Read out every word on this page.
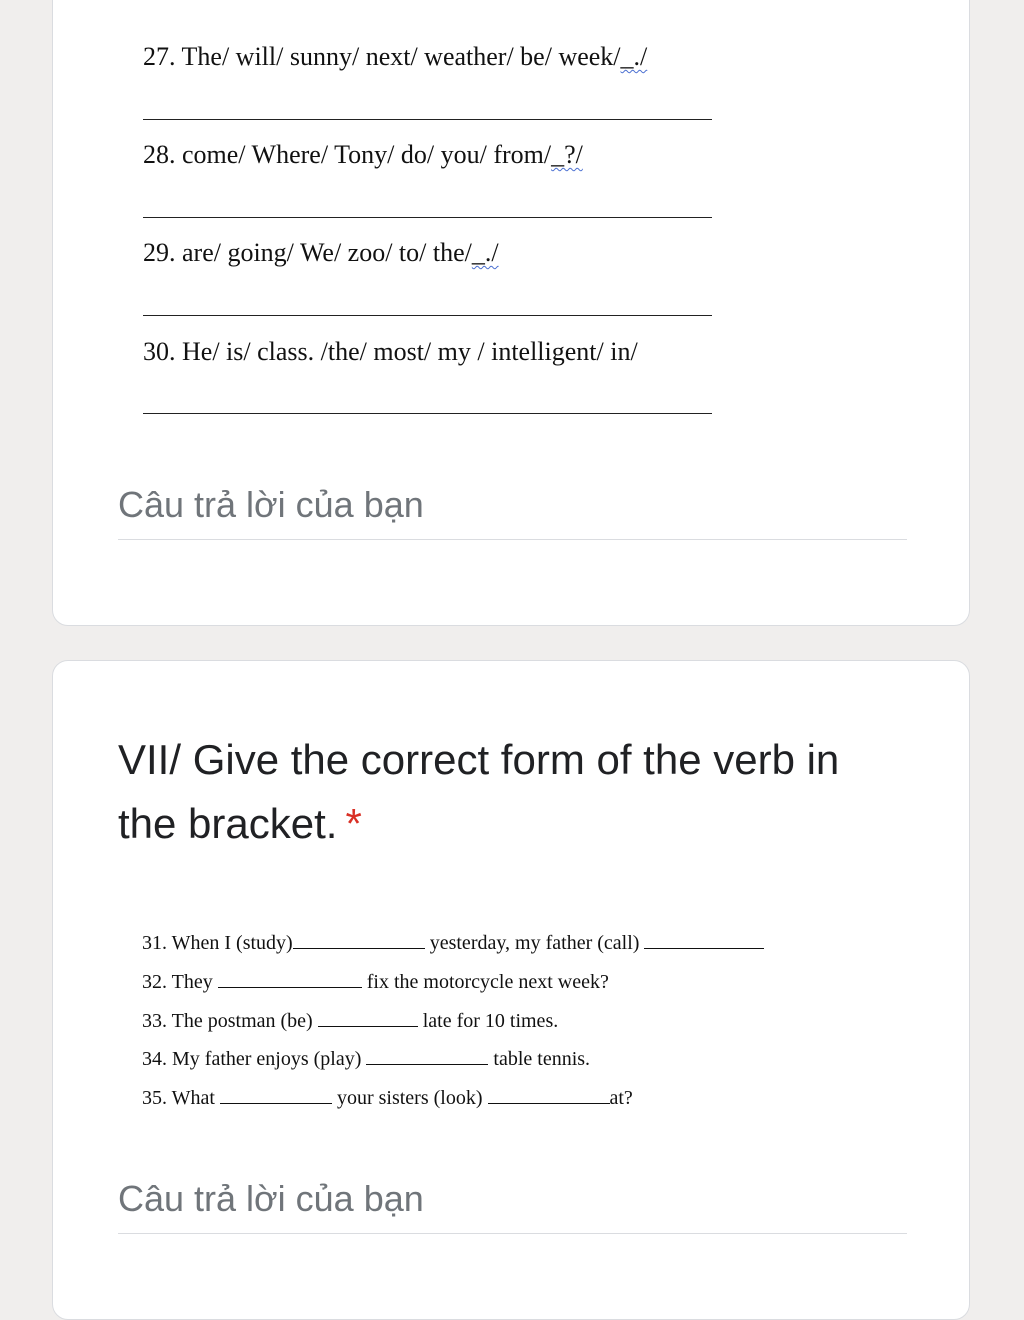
27. The/ will/ sunny/ next/ weather/ be/ week/_./
28. come/ Where/ Tony/ do/ you/ from/_?/
29. are/ going/ We/ zoo/ to/ the/_./
30. He/ is/ class. /the/ most/ my / intelligent/ in/
Câu trả lời của bạn
VII/ Give the correct form of the verb in the bracket. *
31. When I (study)	yesterday, my father (call)
32. They	fix the motorcycle next week?
33. The postman (be)	late for 10 times.
34. My father enjoys (play)	table tennis.
35. What	your sisters (look)	at?
Câu trả lời của bạn
